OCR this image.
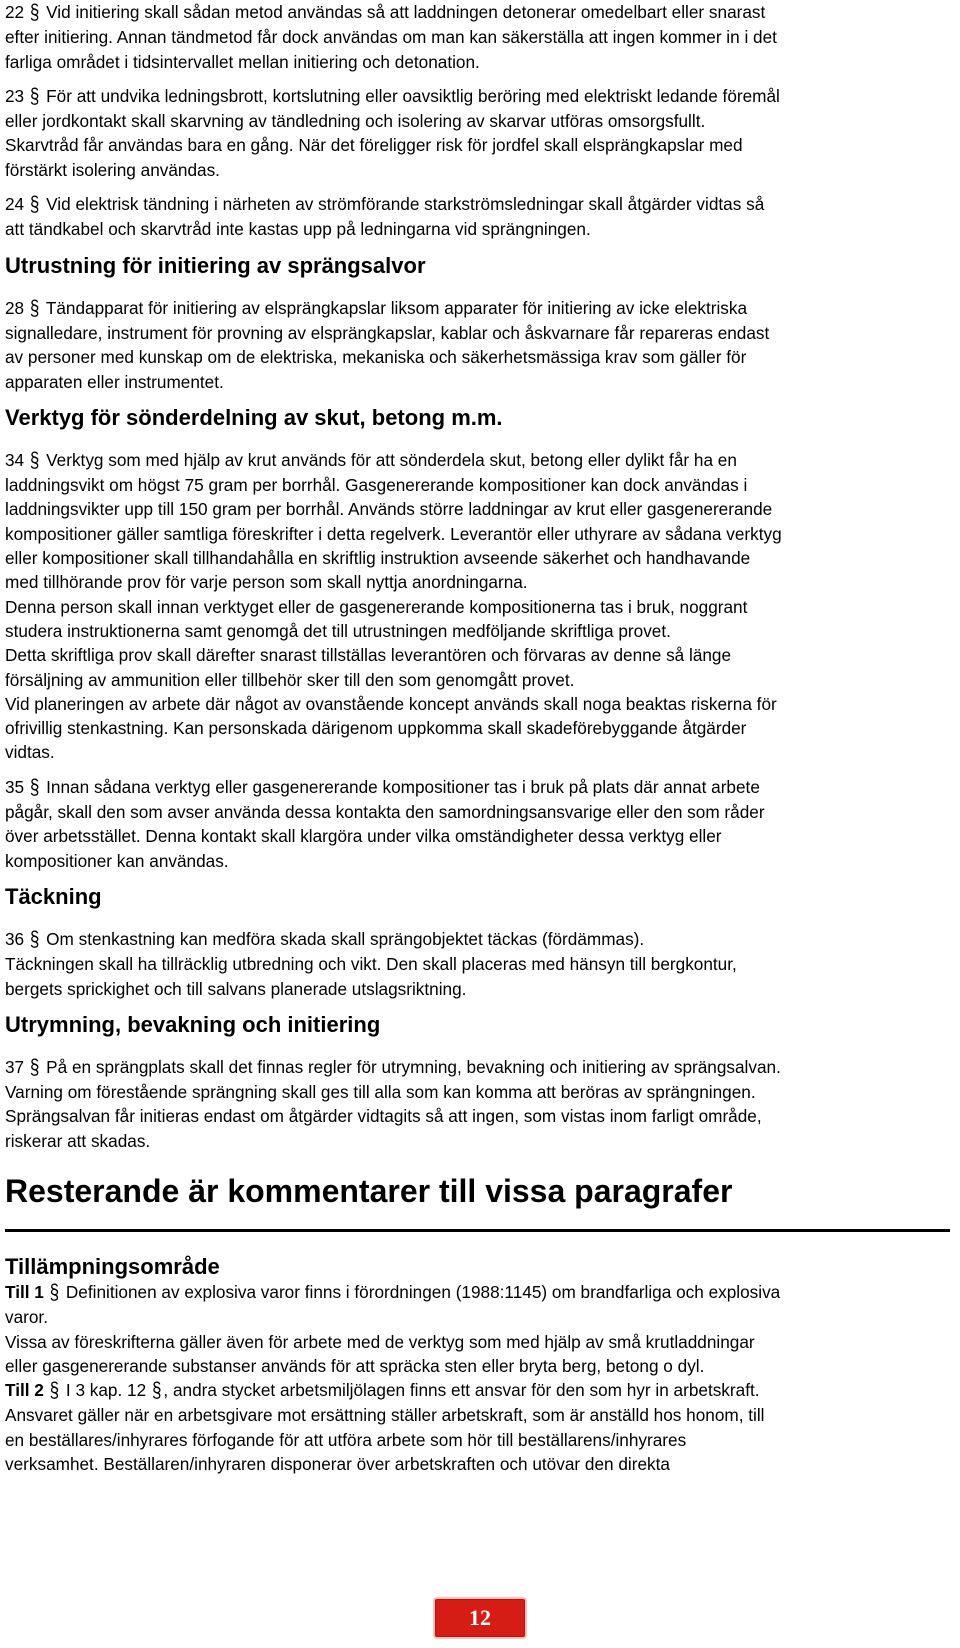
22 § Vid initiering skall sådan metod användas så att laddningen detonerar omedelbart eller snarast
efter initiering. Annan tändmetod får dock användas om man kan säkerställa att ingen kommer in i det
farliga området i tidsintervallet mellan initiering och detonation.

23 § För att undvika ledningsbrott, kortslutning eller oavsiktlig beröring med elektriskt ledande föremål
eller jordkontakt skall skarvning av tändledning och isolering av skarvar utföras omsorgsfullt.
Skarvtråd får användas bara en gång. När det föreligger risk för jordfel skall elsprängkapslar med
förstärkt isolering användas.

24 § Vid elektrisk tändning i närheten av strömförande starkströmsledningar skall åtgärder vidtas så
att tändkabel och skarvtråd inte kastas upp på ledningarna vid sprängningen.

Utrustning för initiering av sprängsalvor

28 § Tändapparat för initiering av elsprängkapslar liksom apparater för initiering av icke elektriska
signalledare, instrument för provning av elsprängkapslar, kablar och åskvarnare får repareras endast
av personer med kunskap om de elektriska, mekaniska och säkerhetsmässiga krav som gäller för
apparaten eller instrumentet.

Verktyg för sönderdelning av skut, betong m.m.

34 § Verktyg som med hjälp av krut används för att sönderdela skut, betong eller dylikt får ha en
laddningsvikt om högst 75 gram per borrhål. Gasgenererande kompositioner kan dock användas i
laddningsvikter upp till 150 gram per borrhål. Används större laddningar av krut eller gasgenererande
kompositioner gäller samtliga föreskrifter i detta regelverk. Leverantör eller uthyrare av sådana verktyg
eller kompositioner skall tillhandahålla en skriftlig instruktion avseende säkerhet och handhavande
med tillhörande prov för varje person som skall nyttja anordningarna.
Denna person skall innan verktyget eller de gasgenererande kompositionerna tas i bruk, noggrant
studera instruktionerna samt genomgå det till utrustningen medföljande skriftliga provet.
Detta skriftliga prov skall därefter snarast tillställas leverantören och förvaras av denne så länge
försäljning av ammunition eller tillbehör sker till den som genomgått provet.
Vid planeringen av arbete där något av ovanstående koncept används skall noga beaktas riskerna för
ofrivillig stenkastning. Kan personskada därigenom uppkomma skall skadeförebyggande åtgärder
vidtas.

35 § Innan sådana verktyg eller gasgenererande kompositioner tas i bruk på plats där annat arbete
pågår, skall den som avser använda dessa kontakta den samordningsansvarige eller den som råder
över arbetsstället. Denna kontakt skall klargöra under vilka omständigheter dessa verktyg eller
kompositioner kan användas.

Täckning

36 § Om stenkastning kan medföra skada skall sprängobjektet täckas (fördämmas).
Täckningen skall ha tillräcklig utbredning och vikt. Den skall placeras med hänsyn till bergkontur,
bergets sprickighet och till salvans planerade utslagsriktning.

Utrymning, bevakning och initiering

37 § På en sprängplats skall det finnas regler för utrymning, bevakning och initiering av sprängsalvan.
Varning om förestående sprängning skall ges till alla som kan komma att beröras av sprängningen.
Sprängsalvan får initieras endast om åtgärder vidtagits så att ingen, som vistas inom farligt område,
riskerar att skadas.

Resterande är kommentarer till vissa paragrafer
Tillämpningsområde

Till 1 § Definitionen av explosiva varor finns i förordningen (1988:1145) om brandfarliga och explosiva
varor.
Vissa av föreskrifterna gäller även för arbete med de verktyg som med hjälp av små krutladdningar
eller gasgenererande substanser används för att spräcka sten eller bryta berg, betong o dyl.

Till 2 § I 3 kap. 12 § , andra stycket arbetsmiljölagen finns ett ansvar för den som hyr in arbetskraft.
Ansvaret gäller när en arbetsgivare mot ersättning ställer arbetskraft, som är anställd hos honom, till
en beställares/inhyrares förfogande för att utföra arbete som hör till beställarens/inhyrares
verksamhet. Beställaren/inhyraren disponerar över arbetskraften och utövar den direkta

12
